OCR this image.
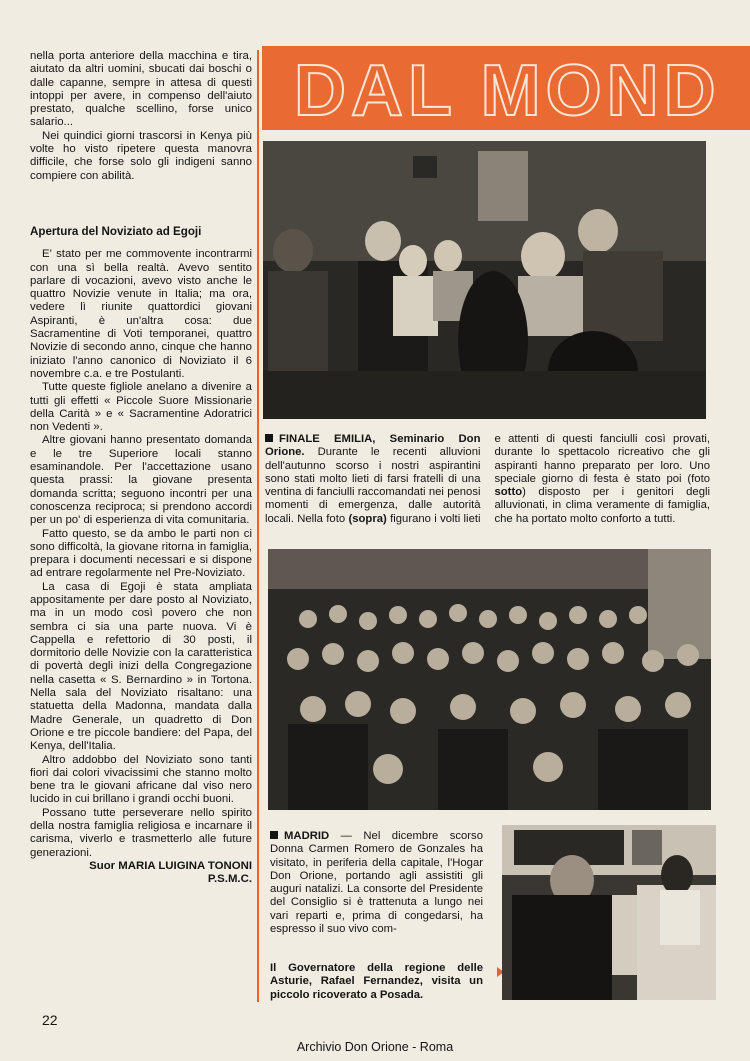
nella porta anteriore della macchina e tira, aiutato da altri uomini, sbucati dai boschi o dalle capanne, sempre in attesa di questi intoppi per avere, in compenso dell'aiuto prestato, qualche scellino, forse unico salario...

Nei quindici giorni trascorsi in Kenya più volte ho visto ripetere questa manovra difficile, che forse solo gli indigeni sanno compiere con abilità.

Apertura del Noviziato ad Egoji

E' stato per me commovente incontrarmi con una sì bella realtà. Avevo sentito parlare di vocazioni, avevo visto anche le quattro Novizie venute in Italia; ma ora, vedere lì riunite quattordici giovani Aspiranti, è un'altra cosa: due Sacramentine di Voti temporanei, quattro Novizie di secondo anno, cinque che hanno iniziato l'anno canonico di Noviziato il 6 novembre c.a. e tre Postulanti.

Tutte queste figliole anelano a divenire a tutti gli effetti « Piccole Suore Missionarie della Carità » e « Sacramentine Adoratrici non Vedenti ».

Altre giovani hanno presentato domanda e le tre Superiore locali stanno esaminandole. Per l'accettazione usano questa prassi: la giovane presenta domanda scritta; seguono incontri per una conoscenza reciproca; si prendono accordi per un po' di esperienza di vita comunitaria.

Fatto questo, se da ambo le parti non ci sono difficoltà, la giovane ritorna in famiglia, prepara i documenti necessari e si dispone ad entrare regolarmente nel Pre-Noviziato.

La casa di Egoji è stata ampliata appositamente per dare posto al Noviziato, ma in un modo così povero che non sembra ci sia una parte nuova. Vi è Cappella e refettorio di 30 posti, il dormitorio delle Novizie con la caratteristica di povertà degli inizi della Congregazione nella casetta « S. Bernardino » in Tortona. Nella sala del Noviziato risaltano: una statuetta della Madonna, mandata dalla Madre Generale, un quadretto di Don Orione e tre piccole bandiere: del Papa, del Kenya, dell'Italia.

Altro addobbo del Noviziato sono tanti fiori dai colori vivacissimi che stanno molto bene tra le giovani africane dal viso nero lucido in cui brillano i grandi occhi buoni.

Possano tutte perseverare nello spirito della nostra famiglia religiosa e incarnare il carisma, viverlo e trasmetterlo alle future generazioni.

Suor MARIA LUIGINA TONONI

P.S.M.C.

DAL MOND
FINALE EMILIA, Seminario Don Orione. Durante le recenti alluvioni dell'autunno scorso i nostri aspirantini sono stati molto lieti di farsi fratelli di una ventina di fanciulli raccomandati nei penosi momenti di emergenza, dalle autorità locali. Nella foto (sopra) figurano i volti lieti e attenti di questi fanciulli così provati, durante lo spettacolo ricreativo che gli aspiranti hanno preparato per loro. Uno speciale giorno di festa è stato poi (foto sotto) disposto per i genitori degli alluvionati, in clima veramente di famiglia, che ha portato molto conforto a tutti.
MADRID — Nel dicembre scorso Donna Carmen Romero de Gonzales ha visitato, in periferia della capitale, l'Hogar Don Orione, portando agli assistiti gli auguri natalizi. La consorte del Presidente del Consiglio si è trattenuta a lungo nei vari reparti e, prima di congedarsi, ha espresso il suo vivo com-
Il Governatore della regione delle Asturie, Rafael Fernandez, visita un piccolo ricoverato a Posada.
22
Archivio Don Orione - Roma
